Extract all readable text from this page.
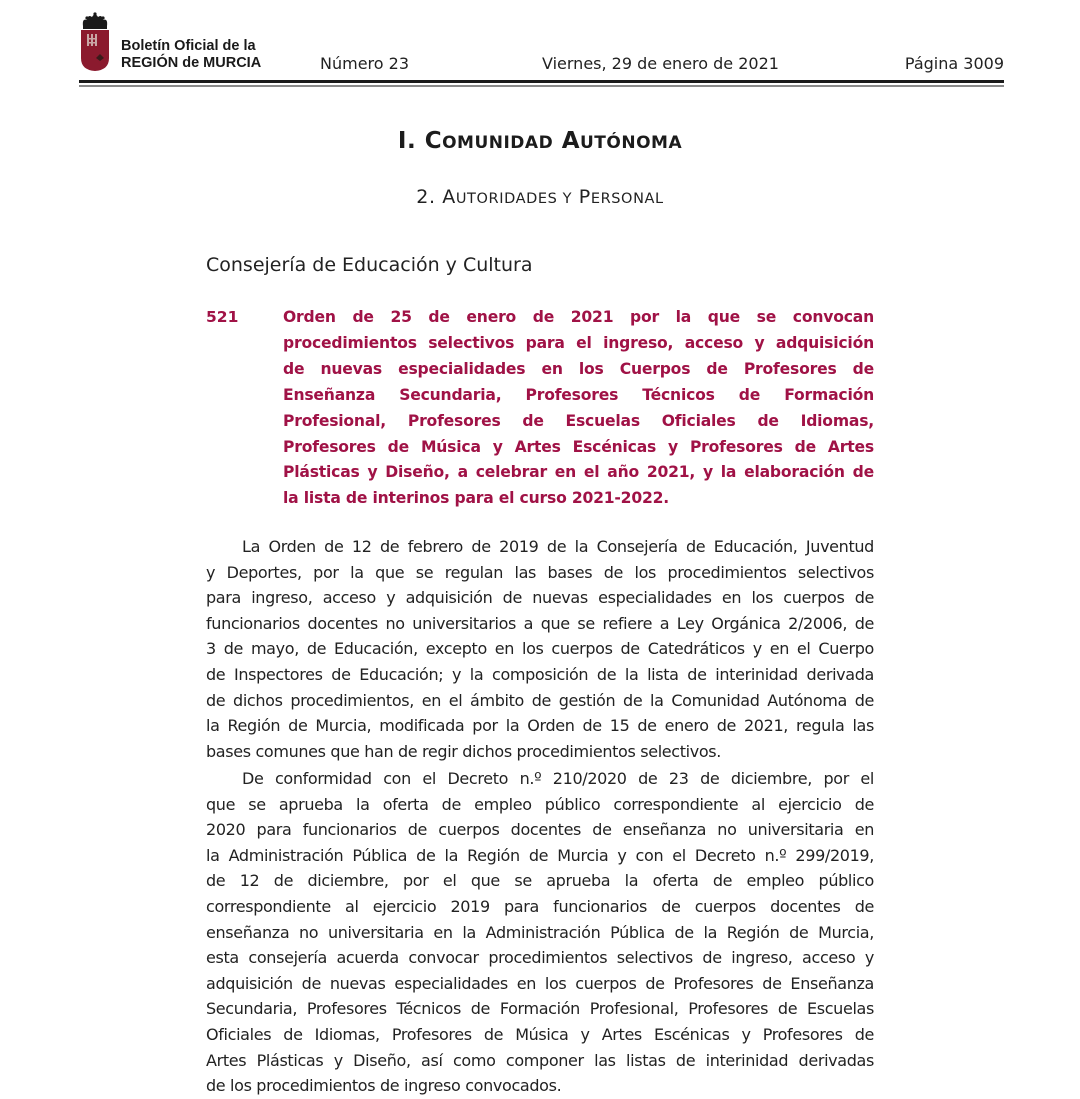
Boletín Oficial de la
REGIÓN de MURCIA	Número 23	Viernes, 29 de enero de 2021	Página 3009
I. COMUNIDAD AUTÓNOMA
2. AUTORIDADES Y PERSONAL
Consejería de Educación y Cultura
521	Orden de 25 de enero de 2021 por la que se convocan
procedimientos selectivos para el ingreso, acceso y adquisición
de nuevas especialidades en los Cuerpos de Profesores de
Enseñanza Secundaria, Profesores Técnicos de Formación
Profesional, Profesores de Escuelas Oficiales de Idiomas,
Profesores de Música y Artes Escénicas y Profesores de Artes
Plásticas y Diseño, a celebrar en el año 2021, y la elaboración de
la lista de interinos para el curso 2021-2022.
La Orden de 12 de febrero de 2019 de la Consejería de Educación, Juventud
y Deportes, por la que se regulan las bases de los procedimientos selectivos
para ingreso, acceso y adquisición de nuevas especialidades en los cuerpos de
funcionarios docentes no universitarios a que se refiere a Ley Orgánica 2/2006, de
3 de mayo, de Educación, excepto en los cuerpos de Catedráticos y en el Cuerpo
de Inspectores de Educación; y la composición de la lista de interinidad derivada
de dichos procedimientos, en el ámbito de gestión de la Comunidad Autónoma de
la Región de Murcia, modificada por la Orden de 15 de enero de 2021, regula las
bases comunes que han de regir dichos procedimientos selectivos.
De conformidad con el Decreto n.º 210/2020 de 23 de diciembre, por el
que se aprueba la oferta de empleo público correspondiente al ejercicio de
2020 para funcionarios de cuerpos docentes de enseñanza no universitaria en
la Administración Pública de la Región de Murcia y con el Decreto n.º 299/2019,
de 12 de diciembre, por el que se aprueba la oferta de empleo público
correspondiente al ejercicio 2019 para funcionarios de cuerpos docentes de
enseñanza no universitaria en la Administración Pública de la Región de Murcia,
esta consejería acuerda convocar procedimientos selectivos de ingreso, acceso y
adquisición de nuevas especialidades en los cuerpos de Profesores de Enseñanza
Secundaria, Profesores Técnicos de Formación Profesional, Profesores de Escuelas
Oficiales de Idiomas, Profesores de Música y Artes Escénicas y Profesores de
Artes Plásticas y Diseño, así como componer las listas de interinidad derivadas
de los procedimientos de ingreso convocados.
